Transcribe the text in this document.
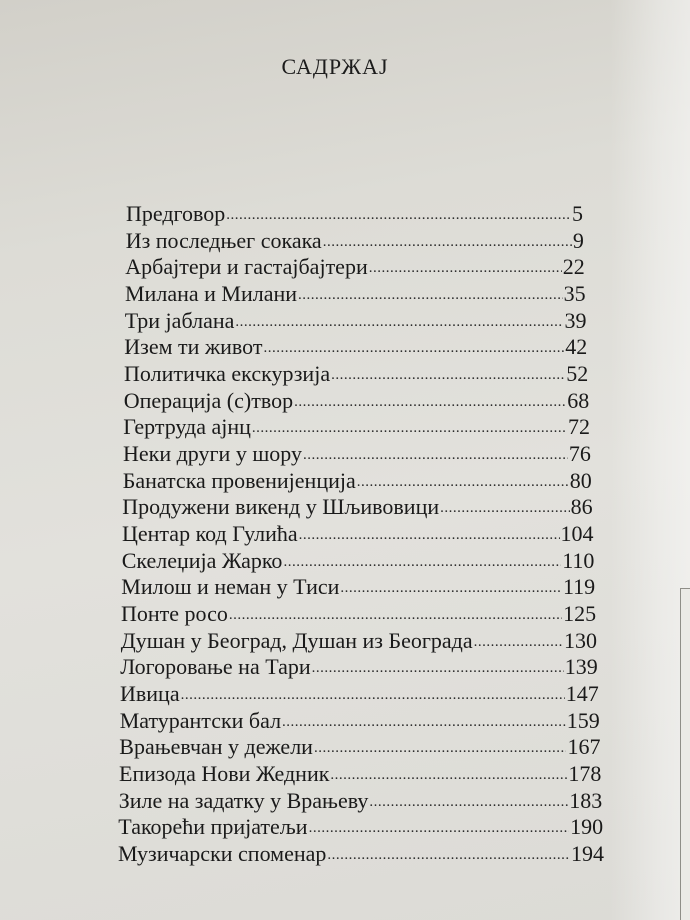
САДРЖАЈ
Предговор .....	5
Из последњег сокака .....	9
Арбајтери и гастајбајтери .....	22
Милана и Милани .....	35
Три јаблана .....	39
Изем ти живот .....	42
Политичка екскурзија .....	52
Операција (с)твор .....	68
Гертруда ајнц .....	72
Неки други у шору .....	76
Банатска провенијенција .....	80
Продужени викенд у Шљивовици .....	86
Центар код Гулића .....	104
Скелеџија Жарко .....	110
Милош и неман у Тиси .....	119
Понте росо .....	125
Душан у Београд, Душан из Београда .....	130
Логоровање на Тари .....	139
Ивица .....	147
Матурантски бал .....	159
Врањевчан у дежели .....	167
Епизода Нови Жедник .....	178
Зиле на задатку у Врањеву .....	183
Такорећи пријатељи .....	190
Музичарски споменар .....	194
